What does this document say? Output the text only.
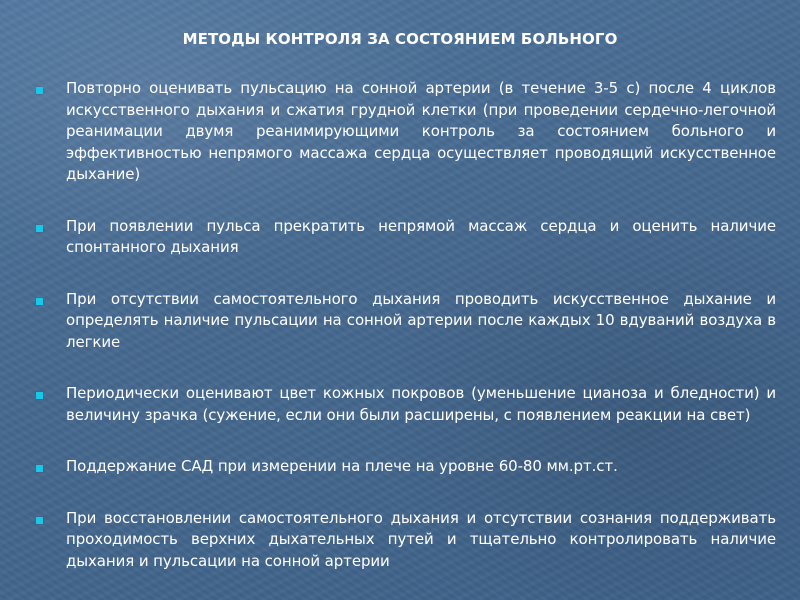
МЕТОДЫ КОНТРОЛЯ ЗА СОСТОЯНИЕМ БОЛЬНОГО
Повторно оценивать пульсацию на сонной артерии (в течение 3-5 с) после 4 циклов искусственного дыхания и сжатия грудной клетки (при проведении сердечно-легочной реанимации двумя реанимирующими контроль за состоянием больного и эффективностью непрямого массажа сердца осуществляет проводящий искусственное дыхание)
При появлении пульса прекратить непрямой массаж сердца и оценить наличие спонтанного дыхания
При отсутствии самостоятельного дыхания проводить искусственное дыхание и определять наличие пульсации на сонной артерии после каждых 10 вдуваний воздуха в легкие
Периодически оценивают цвет кожных покровов (уменьшение цианоза и бледности) и величину зрачка (сужение, если они были расширены, с появлением реакции на свет)
Поддержание САД при измерении на плече на уровне 60-80 мм.рт.ст.
При восстановлении самостоятельного дыхания и отсутствии сознания поддерживать проходимость верхних дыхательных путей и тщательно контролировать наличие дыхания и пульсации на сонной артерии
